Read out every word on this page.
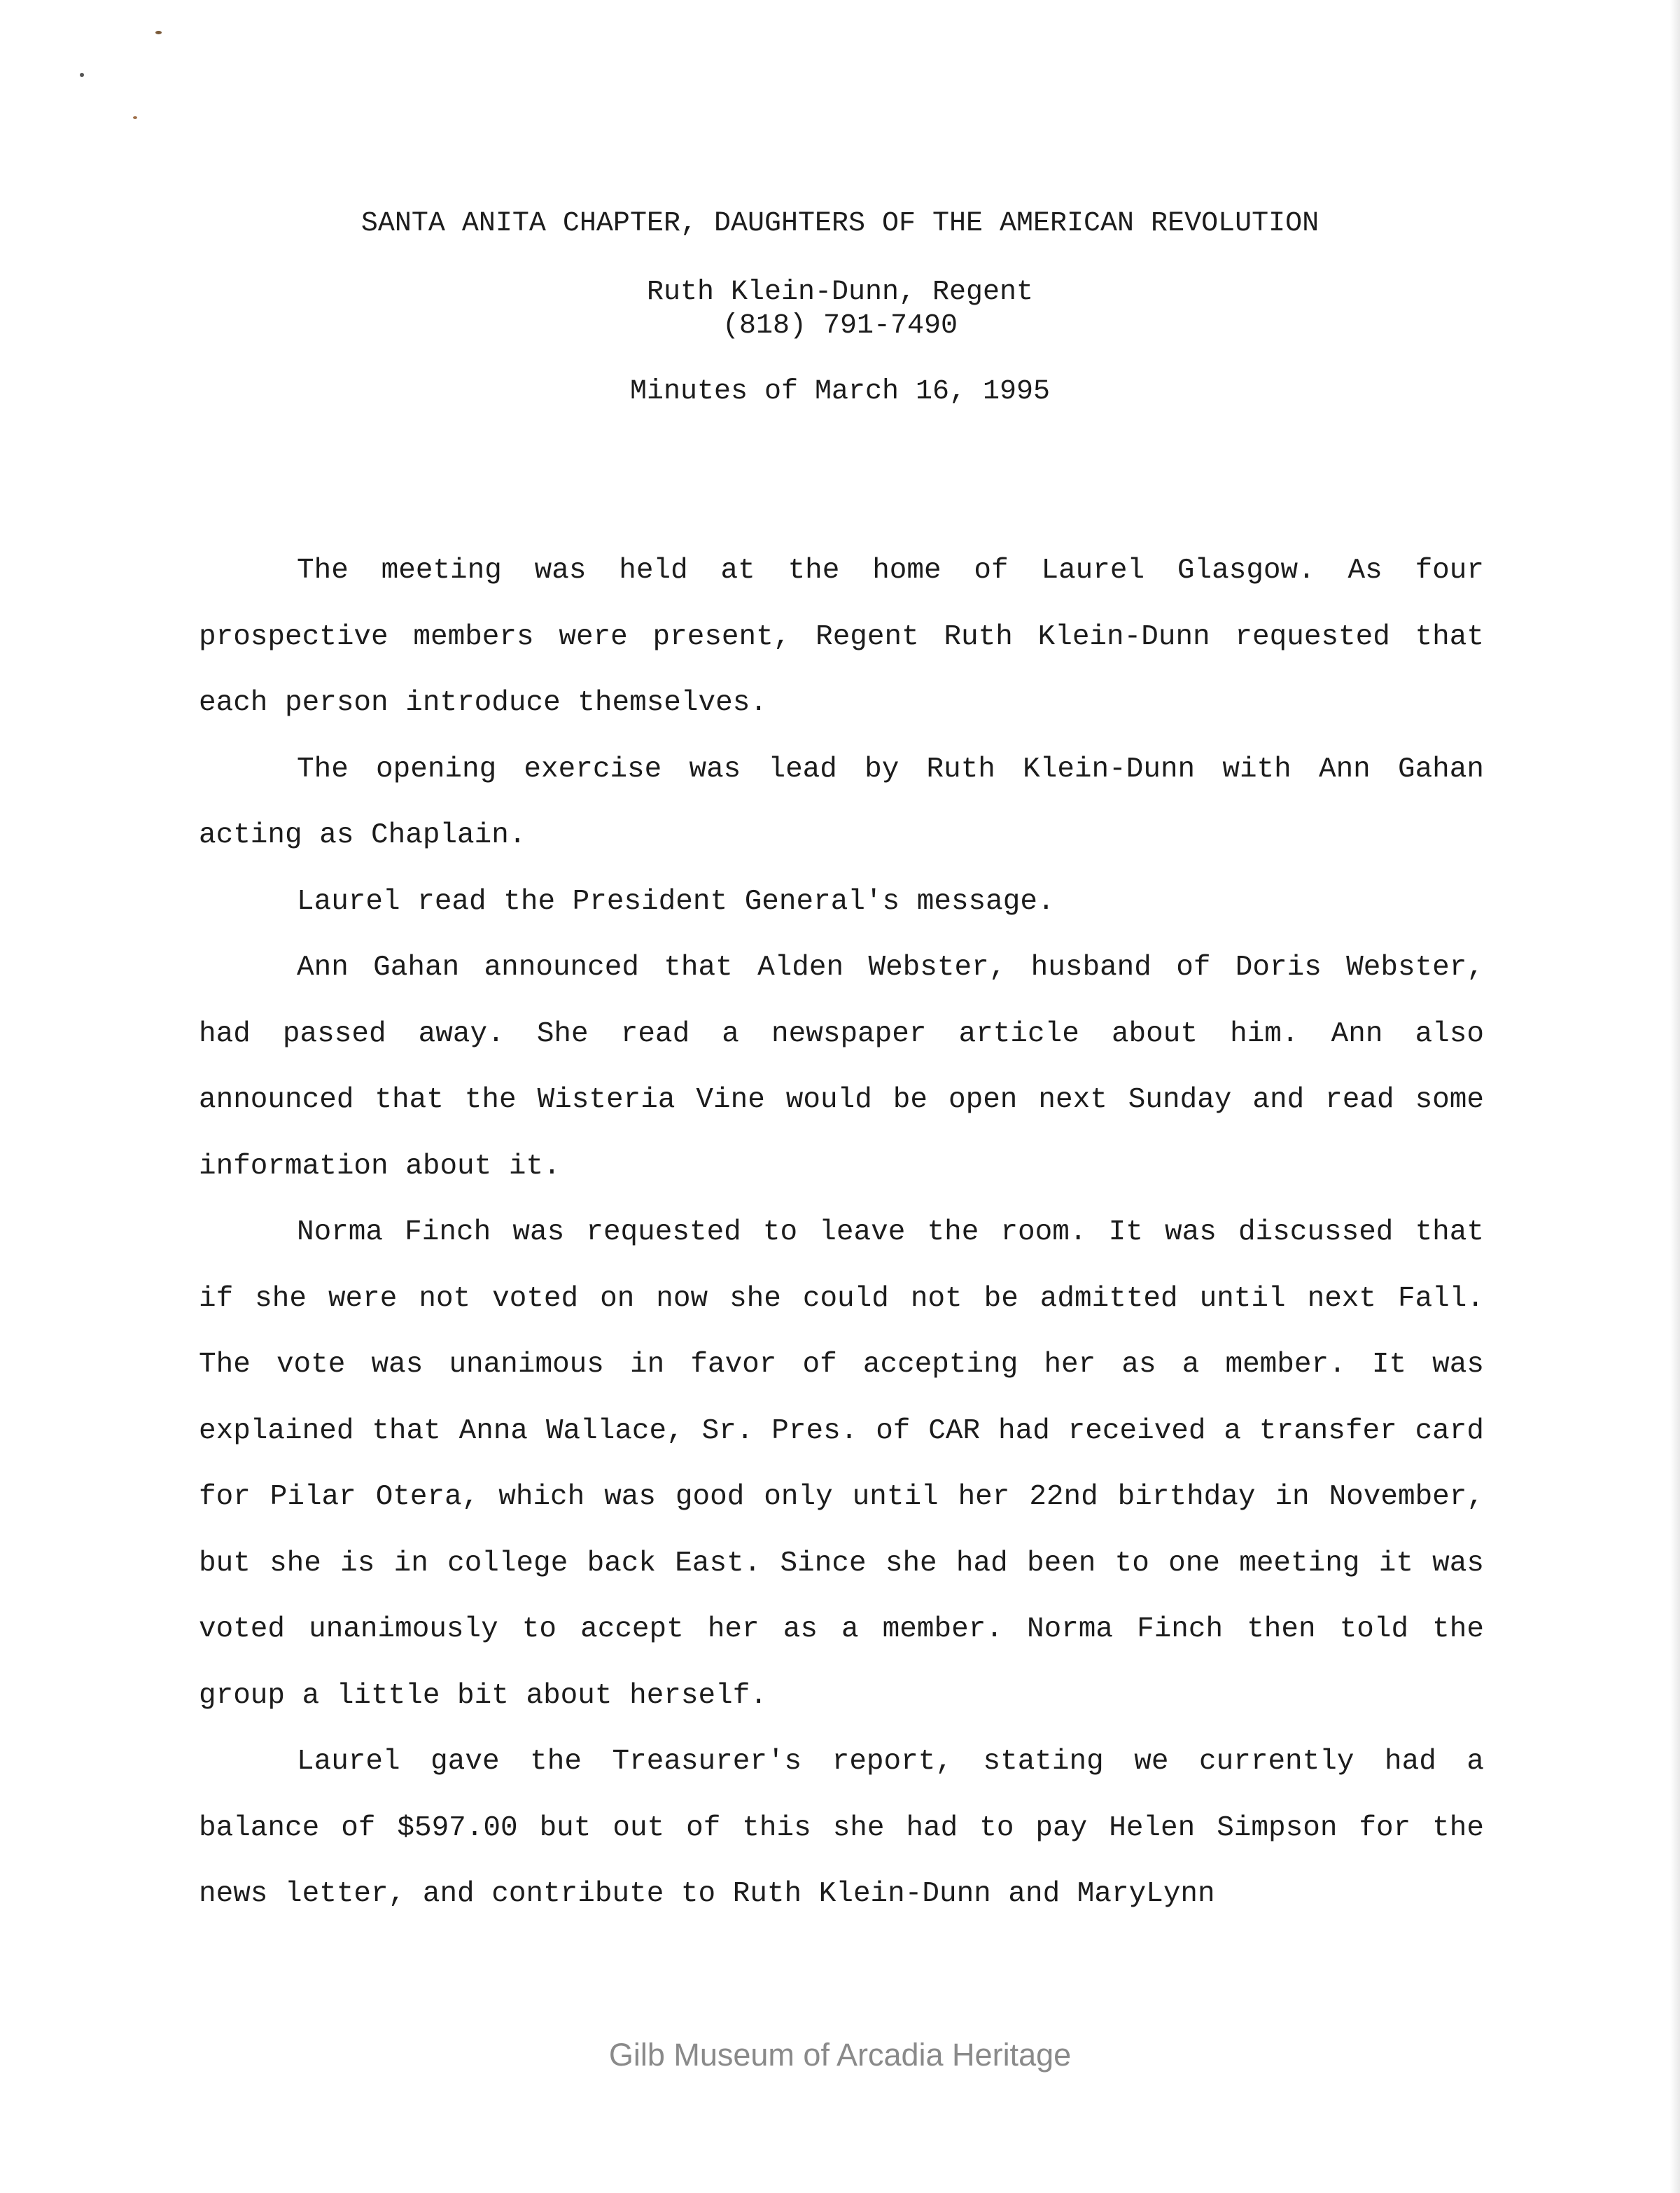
SANTA ANITA CHAPTER, DAUGHTERS OF THE AMERICAN REVOLUTION
Ruth Klein-Dunn, Regent
(818) 791-7490
Minutes of March 16, 1995

The meeting was held at the home of Laurel Glasgow. As four prospective members were present, Regent Ruth Klein-Dunn requested that each person introduce themselves.

The opening exercise was lead by Ruth Klein-Dunn with Ann Gahan acting as Chaplain.

Laurel read the President General's message.

Ann Gahan announced that Alden Webster, husband of Doris Webster, had passed away. She read a newspaper article about him. Ann also announced that the Wisteria Vine would be open next Sunday and read some information about it.

Norma Finch was requested to leave the room. It was discussed that if she were not voted on now she could not be admitted until next Fall. The vote was unanimous in favor of accepting her as a member. It was explained that Anna Wallace, Sr. Pres. of CAR had received a transfer card for Pilar Otera, which was good only until her 22nd birthday in November, but she is in college back East. Since she had been to one meeting it was voted unanimously to accept her as a member. Norma Finch then told the group a little bit about herself.

Laurel gave the Treasurer's report, stating we currently had a balance of $597.00 but out of this she had to pay Helen Simpson for the news letter, and contribute to Ruth Klein-Dunn and MaryLynn

Gilb Museum of Arcadia Heritage
